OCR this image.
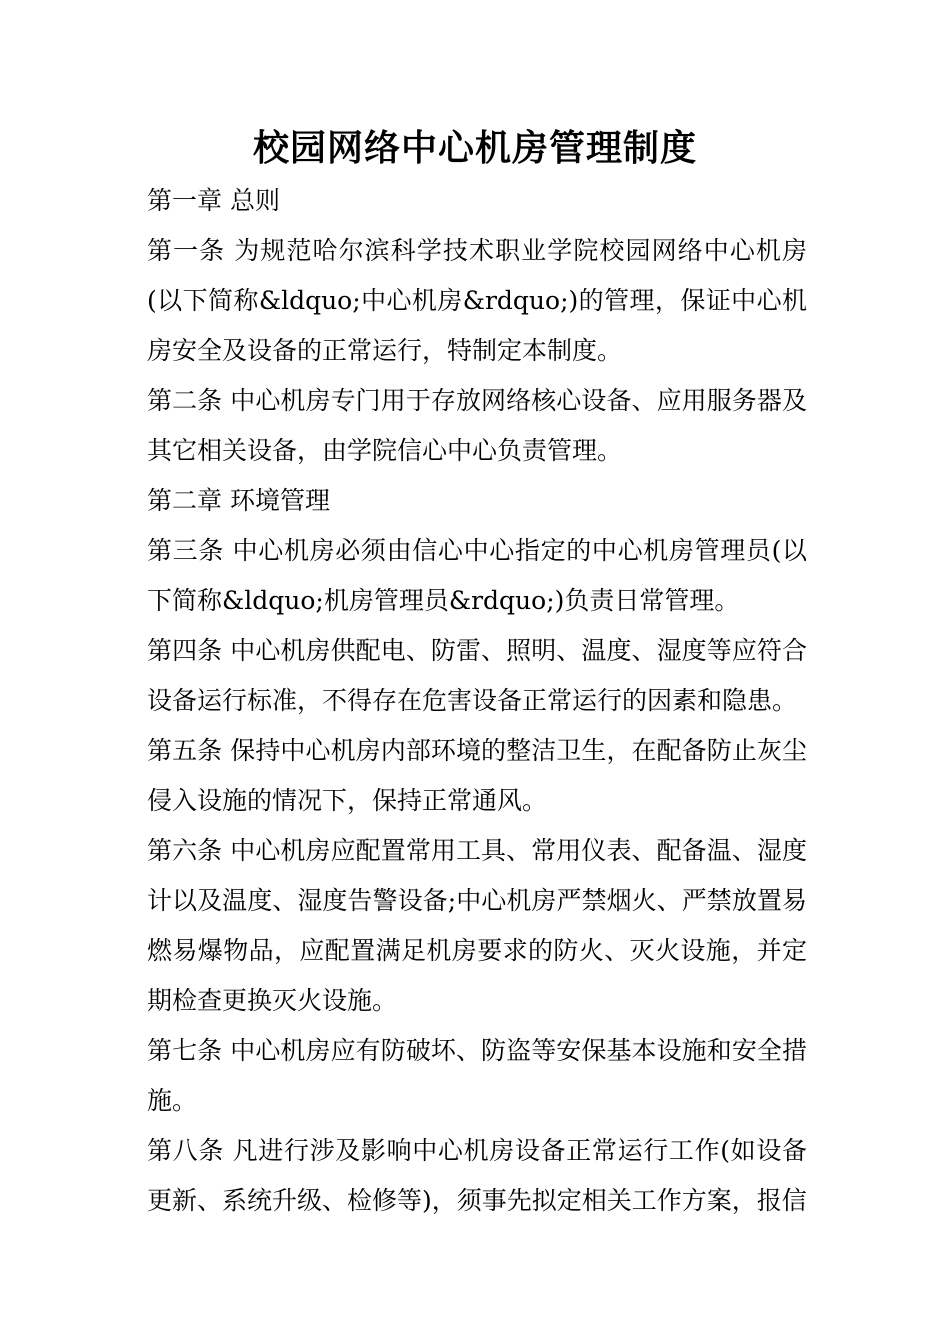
校园网络中心机房管理制度

第一章 总则

第一条 为规范哈尔滨科学技术职业学院校园网络中心机房(以下简称&ldquo;中心机房&rdquo;)的管理，保证中心机房安全及设备的正常运行，特制定本制度。

第二条 中心机房专门用于存放网络核心设备、应用服务器及其它相关设备，由学院信心中心负责管理。

第二章 环境管理

第三条 中心机房必须由信心中心指定的中心机房管理员(以下简称&ldquo;机房管理员&rdquo;)负责日常管理。

第四条 中心机房供配电、防雷、照明、温度、湿度等应符合设备运行标准，不得存在危害设备正常运行的因素和隐患。

第五条 保持中心机房内部环境的整洁卫生，在配备防止灰尘侵入设施的情况下，保持正常通风。

第六条 中心机房应配置常用工具、常用仪表、配备温、湿度计以及温度、湿度告警设备;中心机房严禁烟火、严禁放置易燃易爆物品，应配置满足机房要求的防火、灭火设施，并定期检查更换灭火设施。

第七条 中心机房应有防破坏、防盗等安保基本设施和安全措施。

第八条 凡进行涉及影响中心机房设备正常运行工作(如设备更新、系统升级、检修等)，须事先拟定相关工作方案，报信
